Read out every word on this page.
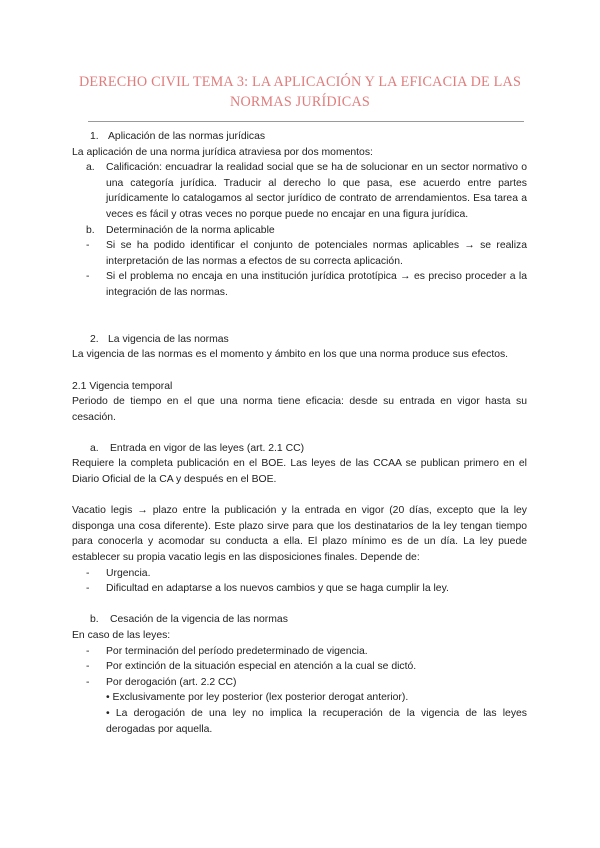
DERECHO CIVIL TEMA 3: LA APLICACIÓN Y LA EFICACIA DE LAS NORMAS JURÍDICAS
1. Aplicación de las normas jurídicas

La aplicación de una norma jurídica atraviesa por dos momentos:

a.	Calificación: encuadrar la realidad social que se ha de solucionar en un sector normativo o una categoría jurídica. Traducir al derecho lo que pasa, ese acuerdo entre partes jurídicamente lo catalogamos al sector jurídico de contrato de arrendamientos. Esa tarea a veces es fácil y otras veces no porque puede no encajar en una figura jurídica.
b.	Determinación de la norma aplicable
-	Si se ha podido identificar el conjunto de potenciales normas aplicables → se realiza interpretación de las normas a efectos de su correcta aplicación.
-	Si el problema no encaja en una institución jurídica prototípica → es preciso proceder a la integración de las normas.
2. La vigencia de las normas

La vigencia de las normas es el momento y ámbito en los que una norma produce sus efectos.

2.1 Vigencia temporal

Periodo de tiempo en el que una norma tiene eficacia: desde su entrada en vigor hasta su cesación.

a.	Entrada en vigor de las leyes (art. 2.1 CC)

Requiere la completa publicación en el BOE. Las leyes de las CCAA se publican primero en el Diario Oficial de la CA y después en el BOE.

Vacatio legis → plazo entre la publicación y la entrada en vigor (20 días, excepto que la ley disponga una cosa diferente). Este plazo sirve para que los destinatarios de la ley tengan tiempo para conocerla y acomodar su conducta a ella. El plazo mínimo es de un día. La ley puede establecer su propia vacatio legis en las disposiciones finales. Depende de:

-	Urgencia.
-	Dificultad en adaptarse a los nuevos cambios y que se haga cumplir la ley.
b.	Cesación de la vigencia de las normas

En caso de las leyes:

-	Por terminación del período predeterminado de vigencia.
-	Por extinción de la situación especial en atención a la cual se dictó.
-	Por derogación (art. 2.2 CC)

• Exclusivamente por ley posterior (lex posterior derogat anterior).

• La derogación de una ley no implica la recuperación de la vigencia de las leyes derogadas por aquella.
